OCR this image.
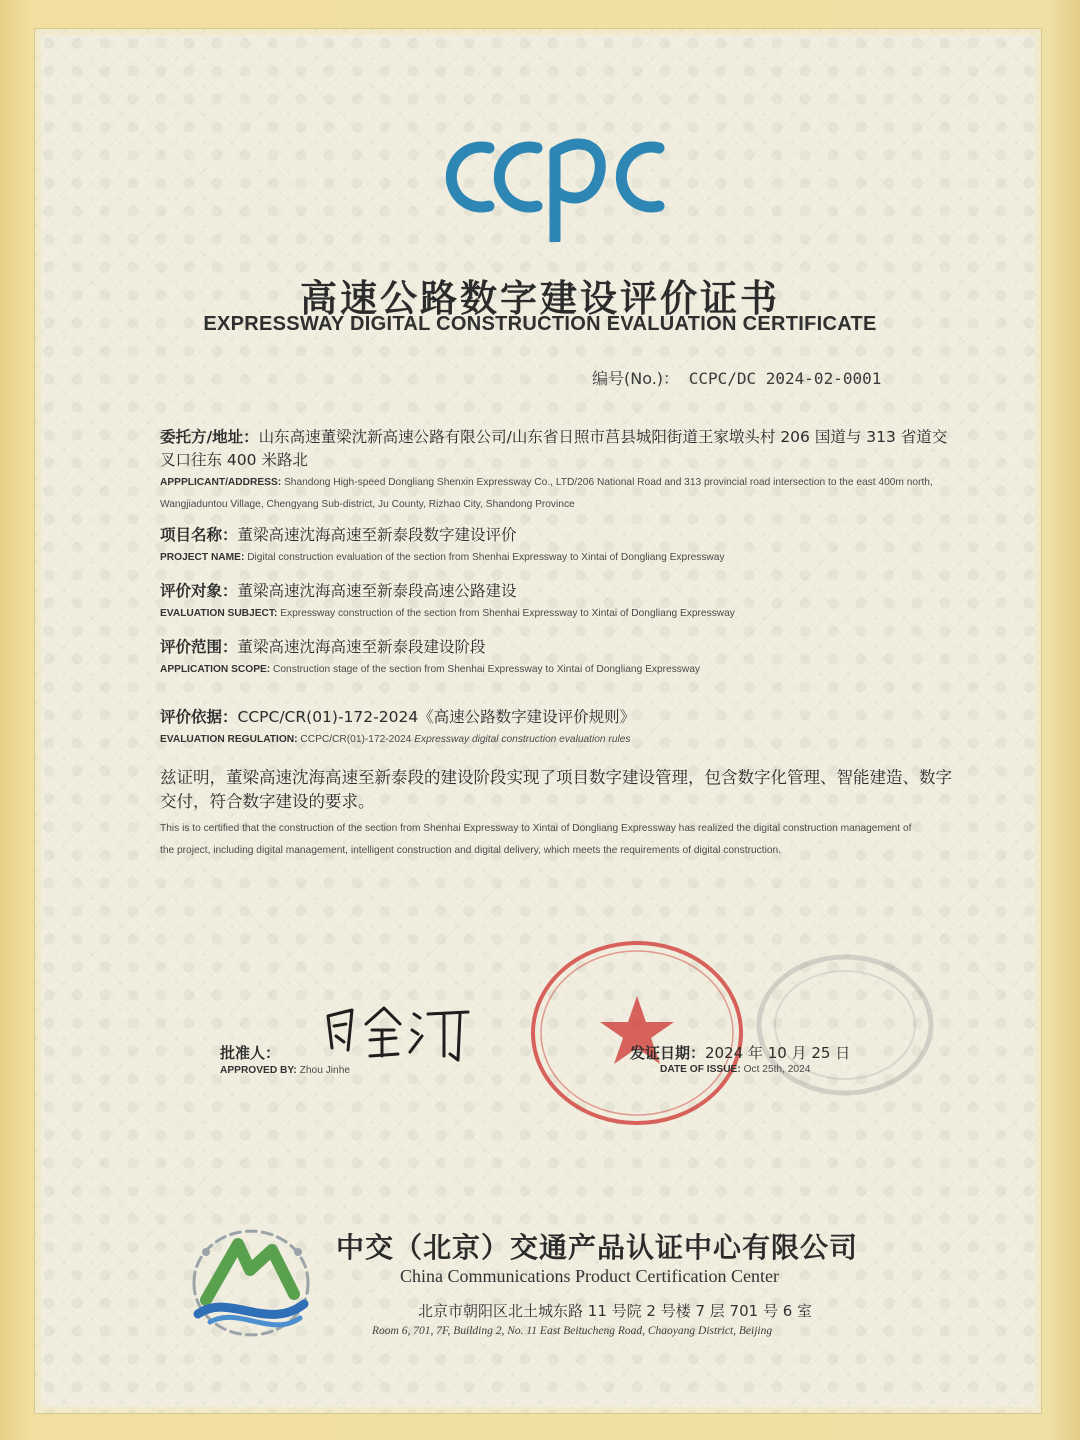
高速公路数字建设评价证书
EXPRESSWAY DIGITAL CONSTRUCTION EVALUATION CERTIFICATE
编号(No.)： CCPC/DC 2024-02-0001
委托方/地址：山东高速董梁沈新高速公路有限公司/山东省日照市莒县城阳街道王家墩头村 206 国道与 313 省道交叉口往东 400 米路北
APPPLICANT/ADDRESS: Shandong High-speed Dongliang Shenxin Expressway Co., LTD/206 National Road and 313 provincial road intersection to the east 400m north, Wangjiaduntou Village, Chengyang Sub-district, Ju County, Rizhao City, Shandong Province
项目名称：董梁高速沈海高速至新泰段数字建设评价
PROJECT NAME: Digital construction evaluation of the section from Shenhai Expressway to Xintai of Dongliang Expressway
评价对象：董梁高速沈海高速至新泰段高速公路建设
EVALUATION SUBJECT: Expressway construction of the section from Shenhai Expressway to Xintai of Dongliang Expressway
评价范围：董梁高速沈海高速至新泰段建设阶段
APPLICATION SCOPE: Construction stage of the section from Shenhai Expressway to Xintai of Dongliang Expressway
评价依据：CCPC/CR(01)-172-2024《高速公路数字建设评价规则》
EVALUATION REGULATION: CCPC/CR(01)-172-2024 Expressway digital construction evaluation rules
兹证明，董梁高速沈海高速至新泰段的建设阶段实现了项目数字建设管理，包含数字化管理、智能建造、数字交付，符合数字建设的要求。
This is to certified that the construction of the section from Shenhai Expressway to Xintai of Dongliang Expressway has realized the digital construction management of the project, including digital management, intelligent construction and digital delivery, which meets the requirements of digital construction.
批准人：
APPROVED BY: Zhou Jinhe
发证日期：2024 年 10 月 25 日
DATE OF ISSUE: Oct 25th, 2024
中交（北京）交通产品认证中心有限公司
China Communications Product Certification Center
北京市朝阳区北土城东路 11 号院 2 号楼 7 层 701 号 6 室
Room 6, 701, 7F, Building 2, No. 11 East Beitucheng Road, Chaoyang District, Beijing
